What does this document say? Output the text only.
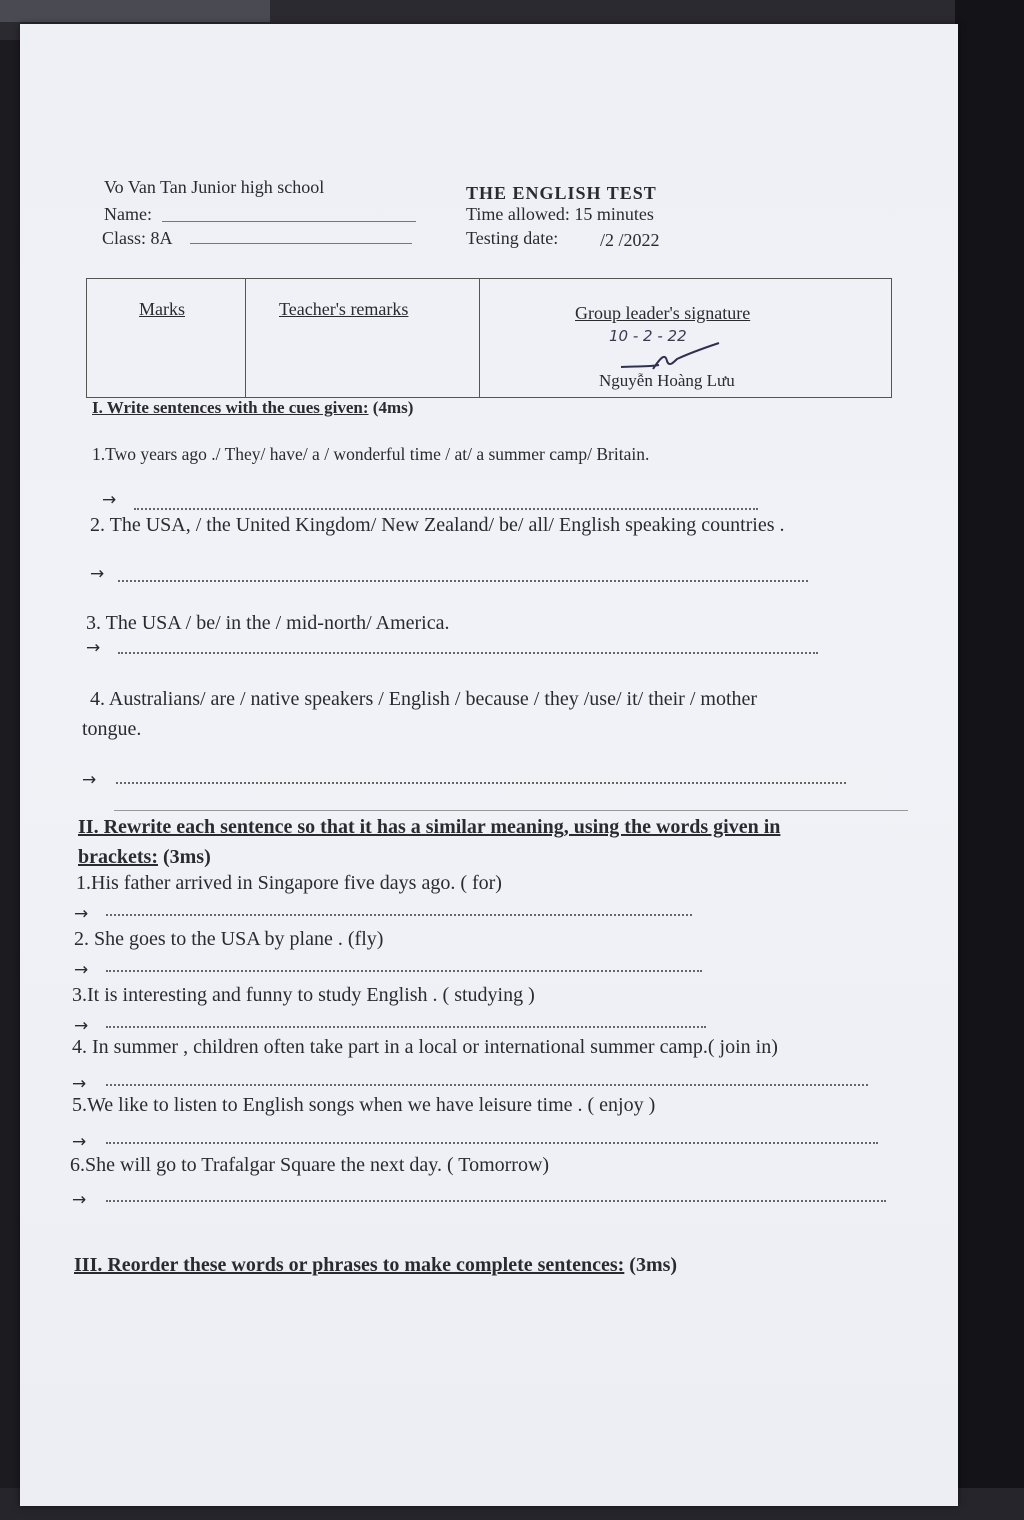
Vo Van Tan Junior high school
Name:
Class: 8A
THE ENGLISH TEST
Time allowed: 15 minutes
Testing date: /2 /2022
Marks	Teacher's remarks	Group leader's signature
10 - 2 - 22
Nguyễn Hoàng Lưu
I. Write sentences with the cues given: (4ms)
1.Two years ago ./ They/ have/ a / wonderful time / at/ a summer camp/ Britain.
→
2. The USA, / the United Kingdom/ New Zealand/ be/ all/ English speaking countries .
→
3. The USA / be/ in the / mid-north/ America.
→
4. Australians/ are / native speakers / English / because / they /use/ it/ their / mother
tongue.
→
II. Rewrite each sentence so that it has a similar meaning, using the words given in
brackets: (3ms)
1.His father arrived in Singapore five days ago. ( for)
→
2. She goes to the USA by plane . (fly)
→
3.It is interesting and funny to study English . ( studying )
→
4. In summer , children often take part in a local or international summer camp.( join in)
→
5.We like to listen to English songs when we have leisure time . ( enjoy )
→
6.She will go to Trafalgar Square the next day. ( Tomorrow)
→
III. Reorder these words or phrases to make complete sentences: (3ms)
